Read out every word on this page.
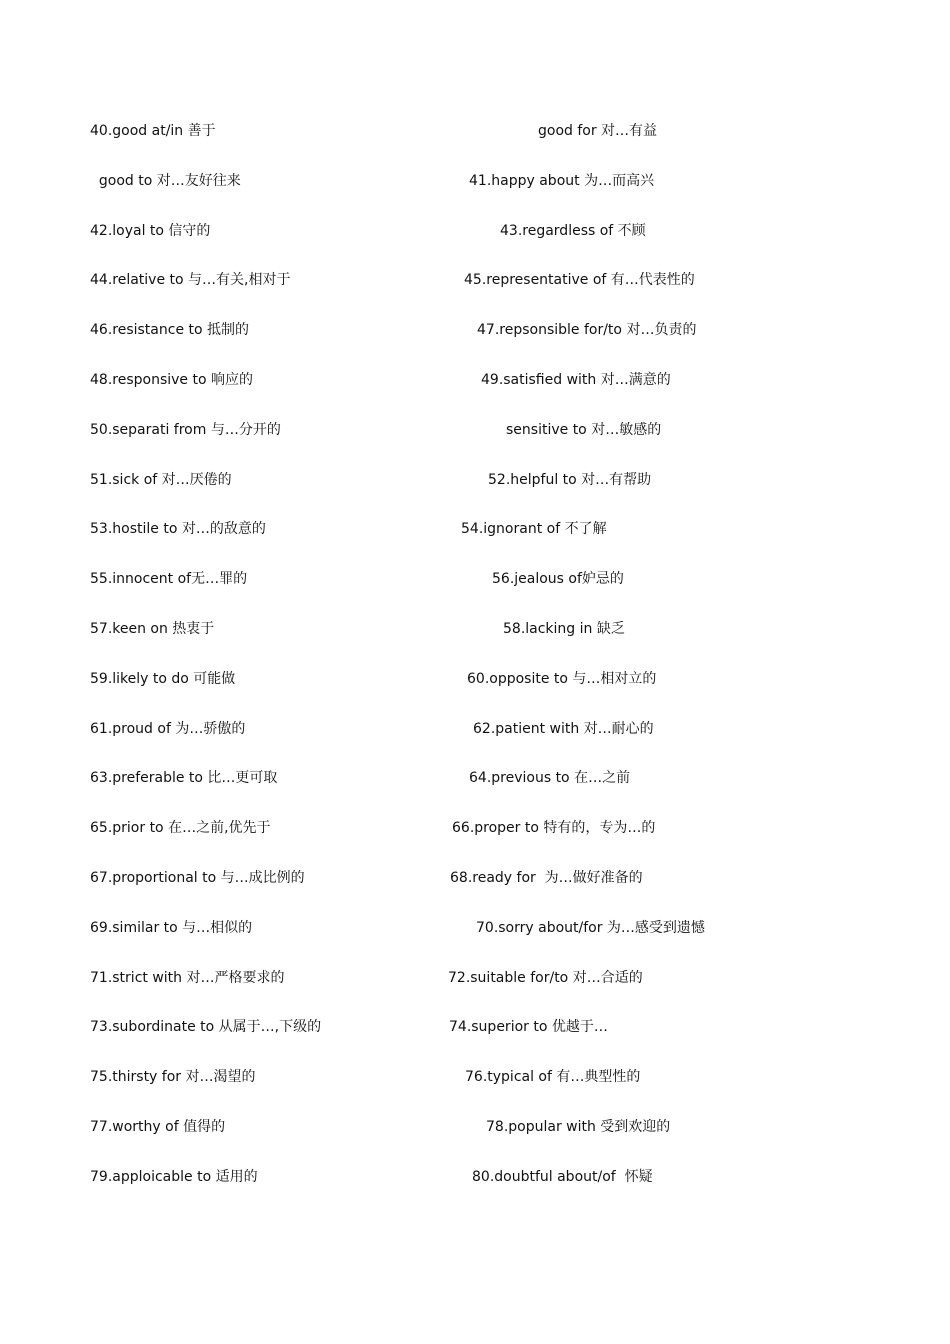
40.good at/in 善于	good for 对…有益
good to 对…友好往来	41.happy about 为…而高兴
42.loyal to 信守的	43.regardless of 不顾
44.relative to 与…有关,相对于	45.representative of 有…代表性的
46.resistance to 抵制的	47.repsonsible for/to 对…负责的
48.responsive to 响应的	49.satisfied with 对…满意的
50.separati from 与…分开的	sensitive to 对…敏感的
51.sick of 对…厌倦的	52.helpful to 对…有帮助
53.hostile to 对…的敌意的	54.ignorant of 不了解
55.innocent of无…罪的	56.jealous of妒忌的
57.keen on 热衷于	58.lacking in 缺乏
59.likely to do 可能做	60.opposite to 与…相对立的
61.proud of 为…骄傲的	62.patient with 对…耐心的
63.preferable to 比…更可取	64.previous to 在…之前
65.prior to 在…之前,优先于	66.proper to 特有的，专为…的
67.proportional to 与…成比例的	68.ready for  为…做好准备的
69.similar to 与…相似的	70.sorry about/for 为…感受到遗憾
71.strict with 对…严格要求的	72.suitable for/to 对…合适的
73.subordinate to 从属于…,下级的	74.superior to 优越于…
75.thirsty for 对…渴望的	76.typical of 有…典型性的
77.worthy of 值得的	78.popular with 受到欢迎的
79.apploicable to 适用的	80.doubtful about/of  怀疑
